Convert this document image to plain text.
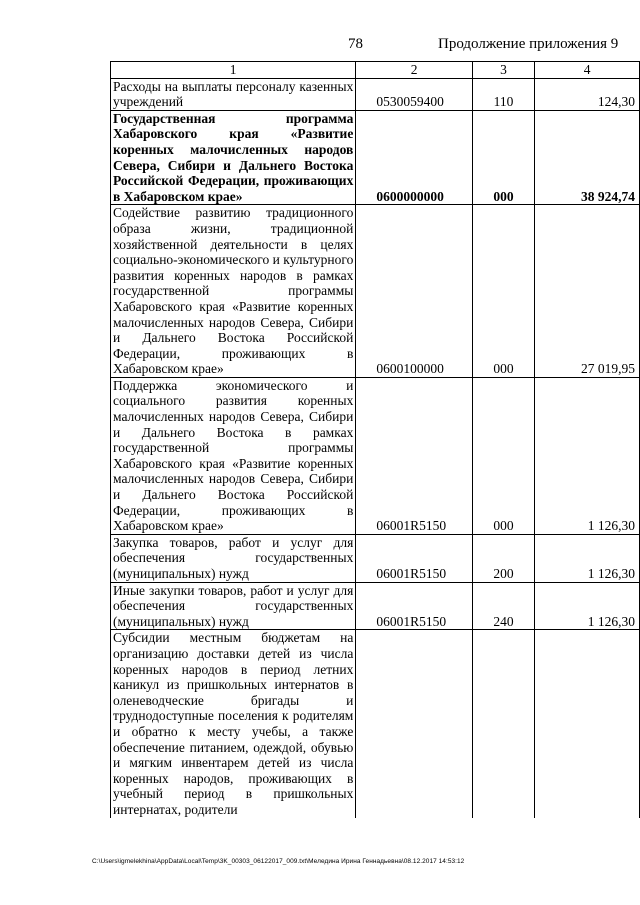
78	Продолжение приложения 9
1	2	3	4
Расходы на выплаты персоналу казенных учреждений	0530059400	110	124,30
Государственная программа Хабаровского края «Развитие коренных малочисленных народов Севера, Сибири и Дальнего Востока Российской Федерации, проживающих в Хабаровском крае»	0600000000	000	38 924,74
Содействие развитию традиционного образа жизни, традиционной хозяйственной деятельности в целях социально-экономического и культурного развития коренных народов в рамках государственной программы Хабаровского края «Развитие коренных малочисленных народов Севера, Сибири и Дальнего Востока Российской Федерации, проживающих в Хабаровском крае»	0600100000	000	27 019,95
Поддержка экономического и социального развития коренных малочисленных народов Севера, Сибири и Дальнего Востока в рамках государственной программы Хабаровского края «Развитие коренных малочисленных народов Севера, Сибири и Дальнего Востока Российской Федерации, проживающих в Хабаровском крае»	06001R5150	000	1 126,30
Закупка товаров, работ и услуг для обеспечения государственных (муниципальных) нужд	06001R5150	200	1 126,30
Иные закупки товаров, работ и услуг для обеспечения государственных (муниципальных) нужд	06001R5150	240	1 126,30
Субсидии местным бюджетам на организацию доставки детей из числа коренных народов в период летних каникул из пришкольных интернатов в оленеводческие бригады и труднодоступные поселения к родителям и обратно к месту учебы, а также обеспечение питанием, одеждой, обувью и мягким инвентарем детей из числа коренных народов, проживающих в учебный период в пришкольных интернатах, родители			
C:\Users\igmelekhina\AppData\Local\Temp\3K_00303_06122017_009.txt\Меледина Ирина Геннадьевна\08.12.2017 14:53:12
